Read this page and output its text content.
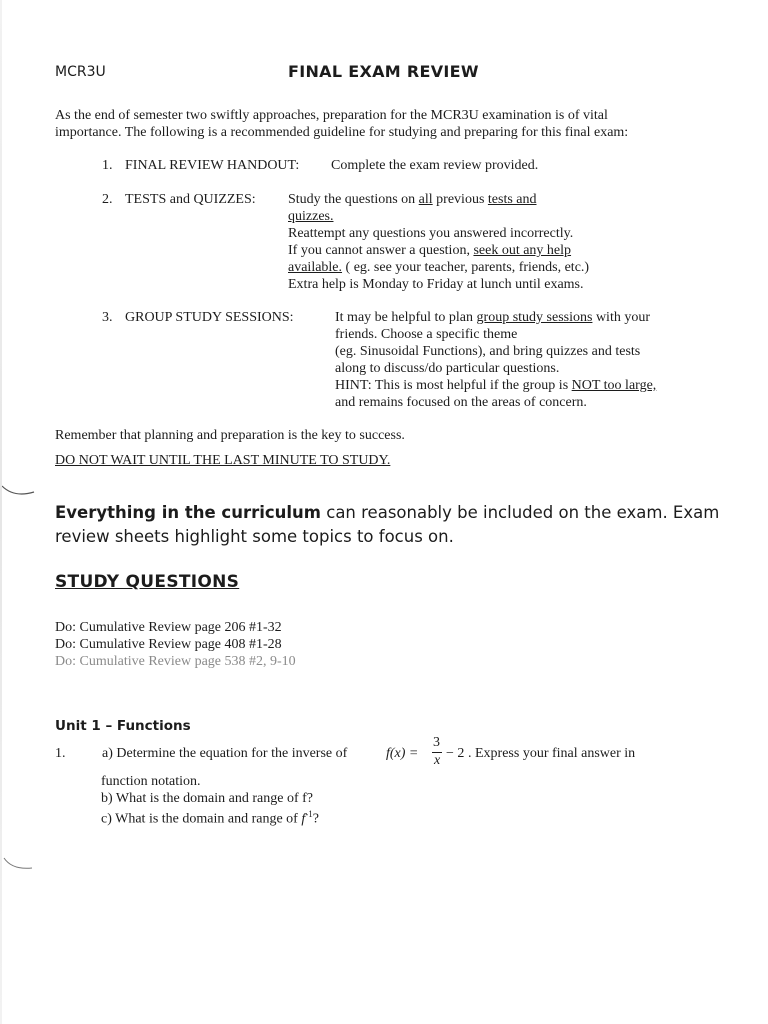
MCR3U	FINAL EXAM REVIEW
As the end of semester two swiftly approaches, preparation for the MCR3U examination is of vital
importance. The following is a recommended guideline for studying and preparing for this final exam:
1. FINAL REVIEW HANDOUT: Complete the exam review provided.
2. TESTS and QUIZZES: Study the questions on all previous tests and
quizzes.
Reattempt any questions you answered incorrectly.
If you cannot answer a question, seek out any help
available. ( eg. see your teacher, parents, friends, etc.)
Extra help is Monday to Friday at lunch until exams.
3. GROUP STUDY SESSIONS:	It may be helpful to plan group study sessions with your
friends. Choose a specific theme
(eg. Sinusoidal Functions), and bring quizzes and tests
along to discuss/do particular questions.
HINT: This is most helpful if the group is NOT too large,
and remains focused on the areas of concern.
Remember that planning and preparation is the key to success.
DO NOT WAIT UNTIL THE LAST MINUTE TO STUDY.
Everything in the curriculum can reasonably be included on the exam. Exam
review sheets highlight some topics to focus on.
STUDY QUESTIONS
Do: Cumulative Review page 206 #1-32
Do: Cumulative Review page 408 #1-28
Do: Cumulative Review page 538 #2, 9-10
Unit 1 – Functions
1.	a) Determine the equation for the inverse of	f(x) =
3
x − 2 . Express your final answer in
function notation.
b) What is the domain and range of f?
c) What is the domain and range of $f^{-1}$?
